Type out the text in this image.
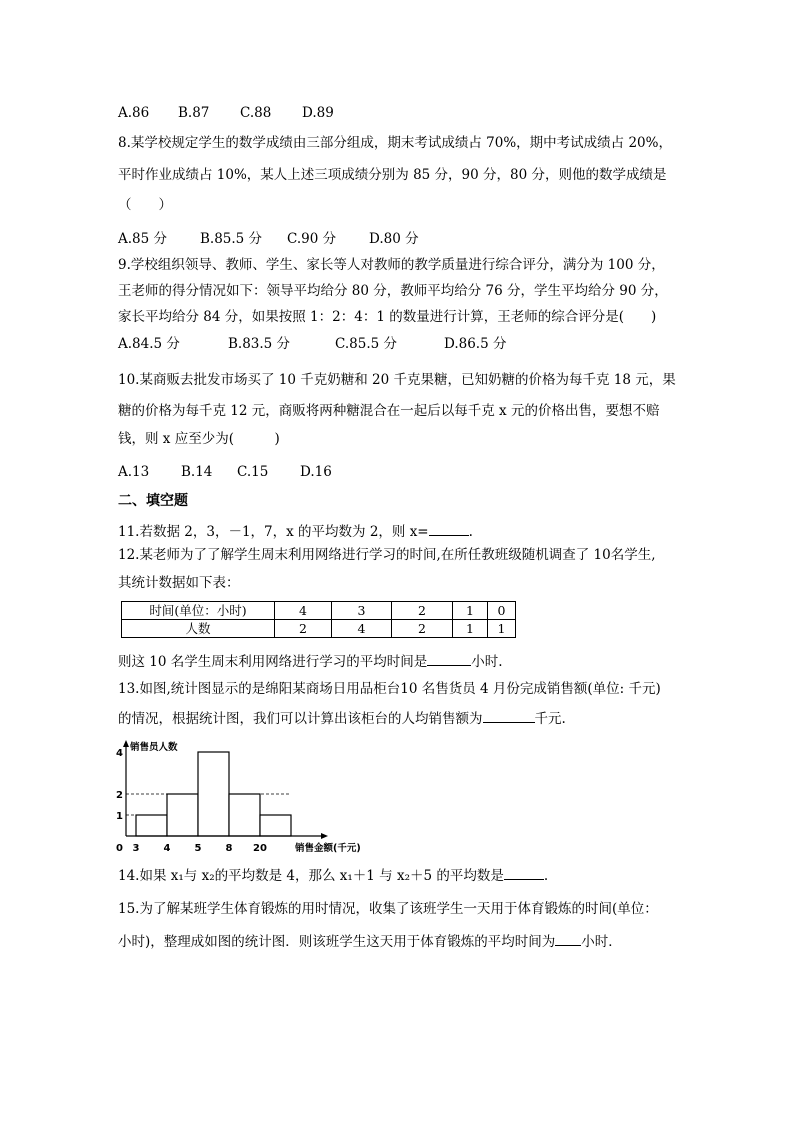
A.86 B.87 C.88 D.89
8.某学校规定学生的数学成绩由三部分组成，期末考试成绩占 70%，期中考试成绩占 20%，
平时作业成绩占 10%，某人上述三项成绩分别为 85 分，90 分，80 分，则他的数学成绩是
（　　）
A.85 分 B.85.5 分 C.90 分 D.80 分
9.学校组织领导、教师、学生、家长等人对教师的教学质量进行综合评分，满分为 100 分，
王老师的得分情况如下：领导平均给分 80 分，教师平均给分 76 分，学生平均给分 90 分，
家长平均给分 84 分，如果按照 1：2：4：1 的数量进行计算，王老师的综合评分是(　　)
A.84.5 分	B.83.5 分	C.85.5 分	D.86.5 分
10.某商贩去批发市场买了 10 千克奶糖和 20 千克果糖，已知奶糖的价格为每千克 18 元，果
糖的价格为每千克 12 元，商贩将两种糖混合在一起后以每千克 x 元的价格出售，要想不赔
钱，则 x 应至少为(　　　)
A.13 B.14 C.15 D.16
二、填空题
11.若数据 2，3，－1，7，x 的平均数为 2，则 x=	.
12.某老师为了了解学生周末利用网络进行学习的时间,在所任教班级随机调查了 10名学生,
其统计数据如下表：
时间(单位：小时)	4	3	2	1	0
人数	2	4	2	1	1
则这 10 名学生周末利用网络进行学习的平均时间是	小时.
13.如图,统计图显示的是绵阳某商场日用品柜台10 名售货员 4 月份完成销售额(单位: 千元)
的情况，根据统计图，我们可以计算出该柜台的人均销售额为	千元.
销售员人数
1
2
4
0 3 4 5 8 20	销售金额(千元)
14.如果 x₁与 x₂的平均数是 4，那么 x₁＋1 与 x₂＋5 的平均数是	.
15.为了解某班学生体育锻炼的用时情况，收集了该班学生一天用于体育锻炼的时间(单位：
小时)，整理成如图的统计图．则该班学生这天用于体育锻炼的平均时间为 小时．
